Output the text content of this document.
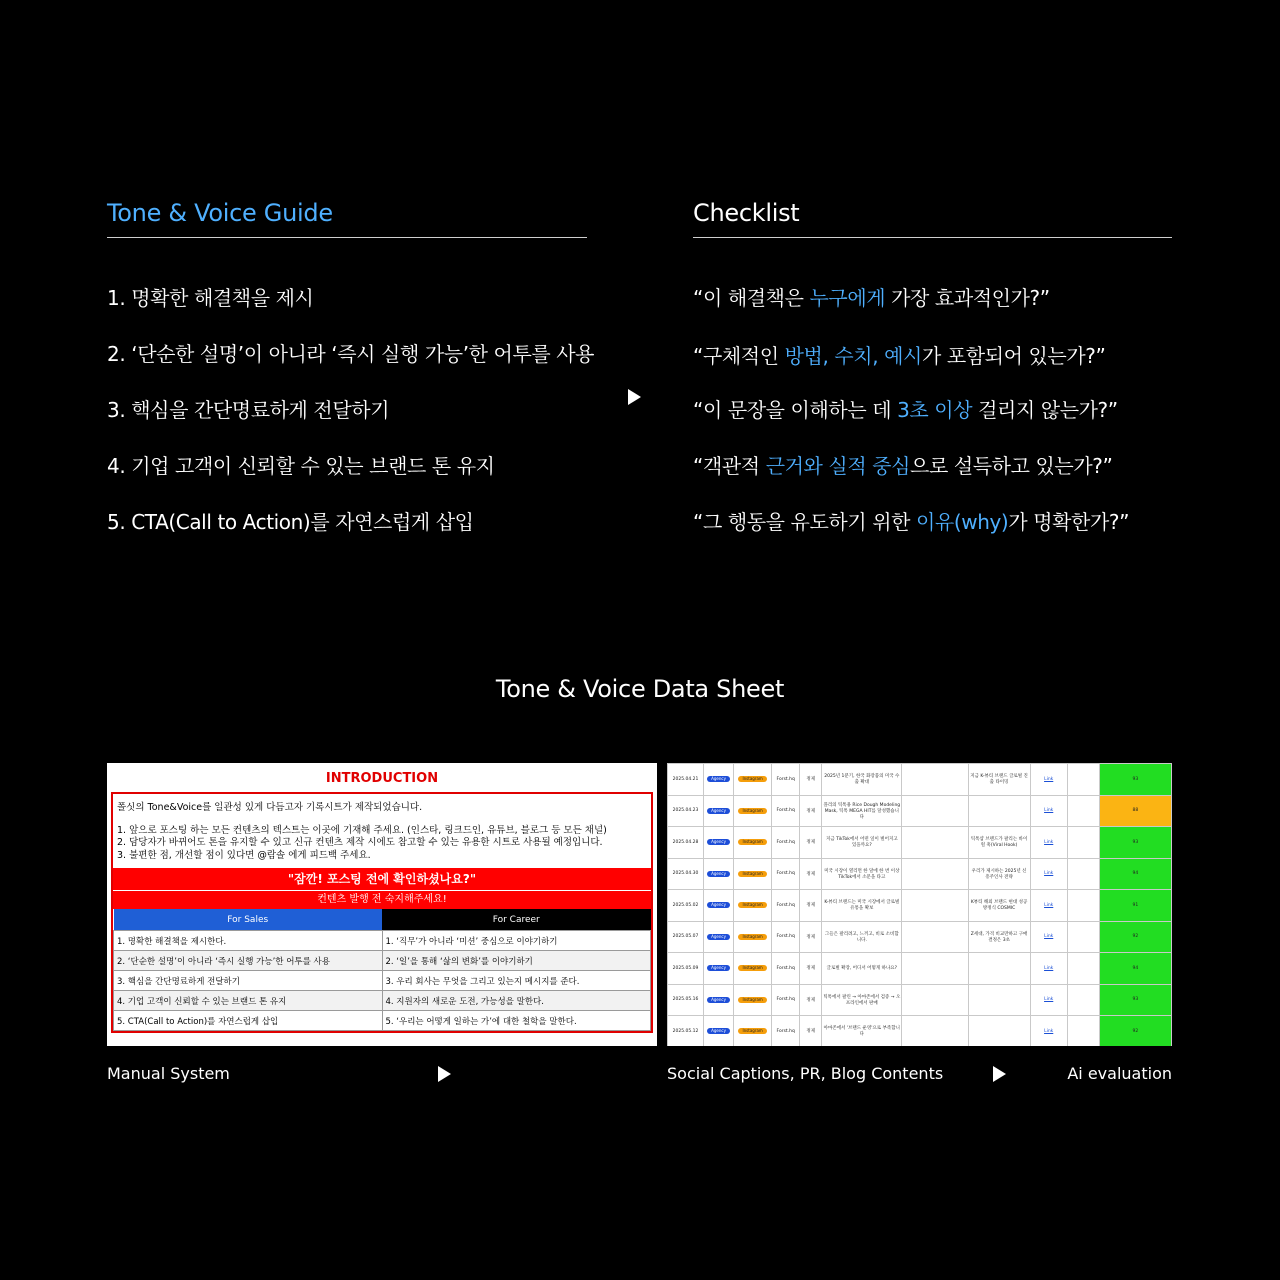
Tone & Voice Guide
1. 명확한 해결책을 제시
2. ‘단순한 설명’이 아니라 ‘즉시 실행 가능’한 어투를 사용
3. 핵심을 간단명료하게 전달하기
4. 기업 고객이 신뢰할 수 있는 브랜드 톤 유지
5. CTA(Call to Action)를 자연스럽게 삽입
Checklist
“이 해결책은 누구에게 가장 효과적인가?”
“구체적인 방법, 수치, 예시가 포함되어 있는가?”
“이 문장을 이해하는 데 3초 이상 걸리지 않는가?”
“객관적 근거와 실적 중심으로 설득하고 있는가?”
“그 행동을 유도하기 위한 이유(why)가 명확한가?”
Tone & Voice Data Sheet
INTRODUCTION
폴싯의 Tone&Voice를 일관성 있게 다듬고자 기록시트가 제작되었습니다.
1. 앞으로 포스팅 하는 모든 컨텐츠의 텍스트는 이곳에 기재해 주세요. (인스타, 링크드인, 유튜브, 블로그 등 모든 채널)
2. 담당자가 바뀌어도 톤을 유지할 수 있고 신규 컨텐츠 제작 시에도 참고할 수 있는 유용한 시트로 사용될 예정입니다.
3. 불편한 점, 개선할 점이 있다면 @람솔 에게 피드백 주세요.
"잠깐! 포스팅 전에 확인하셨나요?"
컨텐츠 발행 전 숙지해주세요!
For Sales	For Career
1. 명확한 해결책을 제시한다.	1. ‘직무’가 아니라 ‘미션’ 중심으로 이야기하기
2. ‘단순한 설명’이 아니라 ‘즉시 실행 가능’한 어투를 사용	2. ‘일’을 통해 ‘삶의 변화’를 이야기하기
3. 핵심을 간단명료하게 전달하기	3. 우리 회사는 무엇을 그리고 있는지 메시지를 준다.
4. 기업 고객이 신뢰할 수 있는 브랜드 톤 유지	4. 지원자의 새로운 도전, 가능성을 말한다.
5. CTA(Call to Action)를 자연스럽게 삽입	5. ‘우리는 어떻게 일하는 가’에 대한 철학을 말한다.
2025.04.21	Agency	Instagram	Forst.hq	정제	2025년 1분기, 한국 화장품의 미국 수출 확대		지금 K-뷰티 브랜드 글로벌 진출 타이밍	Link		93
2025.04.23	Agency	Instagram	Forst.hq	정제	플리의 틱톡용 Rice Dough Modeling Mask, 틱톡 MEGA HIT를 달성했습니다			Link		88
2025.04.28	Agency	Instagram	Forst.hq	정제	지금 TikTok에서 어떤 일이 벌어지고 있을까요?		틱톡샵 브랜드가 팔리는 바이럴 훅(Viral Hook)	Link		93
2025.04.30	Agency	Instagram	Forst.hq	정제	미국 시장이 열리면 한 달에 한 번 이상 TikTok에서 소문을 타고		우리가 제시하는 2025년 신흥주인사 전략	Link		94
2025.05.02	Agency	Instagram	Forst.hq	정제	K-뷰티 브랜드는 미국 시장에서 글로벌 유통을 확보		K뷰티 해외 브랜드 현대 성공 방정식 COSMIC	Link		91
2025.05.07	Agency	Instagram	Forst.hq	정제	그들은 팔리려고, 느끼고, 비로 소비합니다.		Z세대, 가격 비교만하고 구매 결정은 3초	Link		92
2025.05.09	Agency	Instagram	Forst.hq	정제	글로벌 확장, 어디서 어떻게 하나요?			Link		94
2025.05.16	Agency	Instagram	Forst.hq	정제	틱톡에서 팔린 → 아마존에서 검증 → 오프라인에서 판매			Link		93
2025.05.12	Agency	Instagram	Forst.hq	정제	아마존에서 '브랜드 운영'으로 부족합니다			Link		92
Manual System	Social Captions, PR, Blog Contents	Ai evaluation
